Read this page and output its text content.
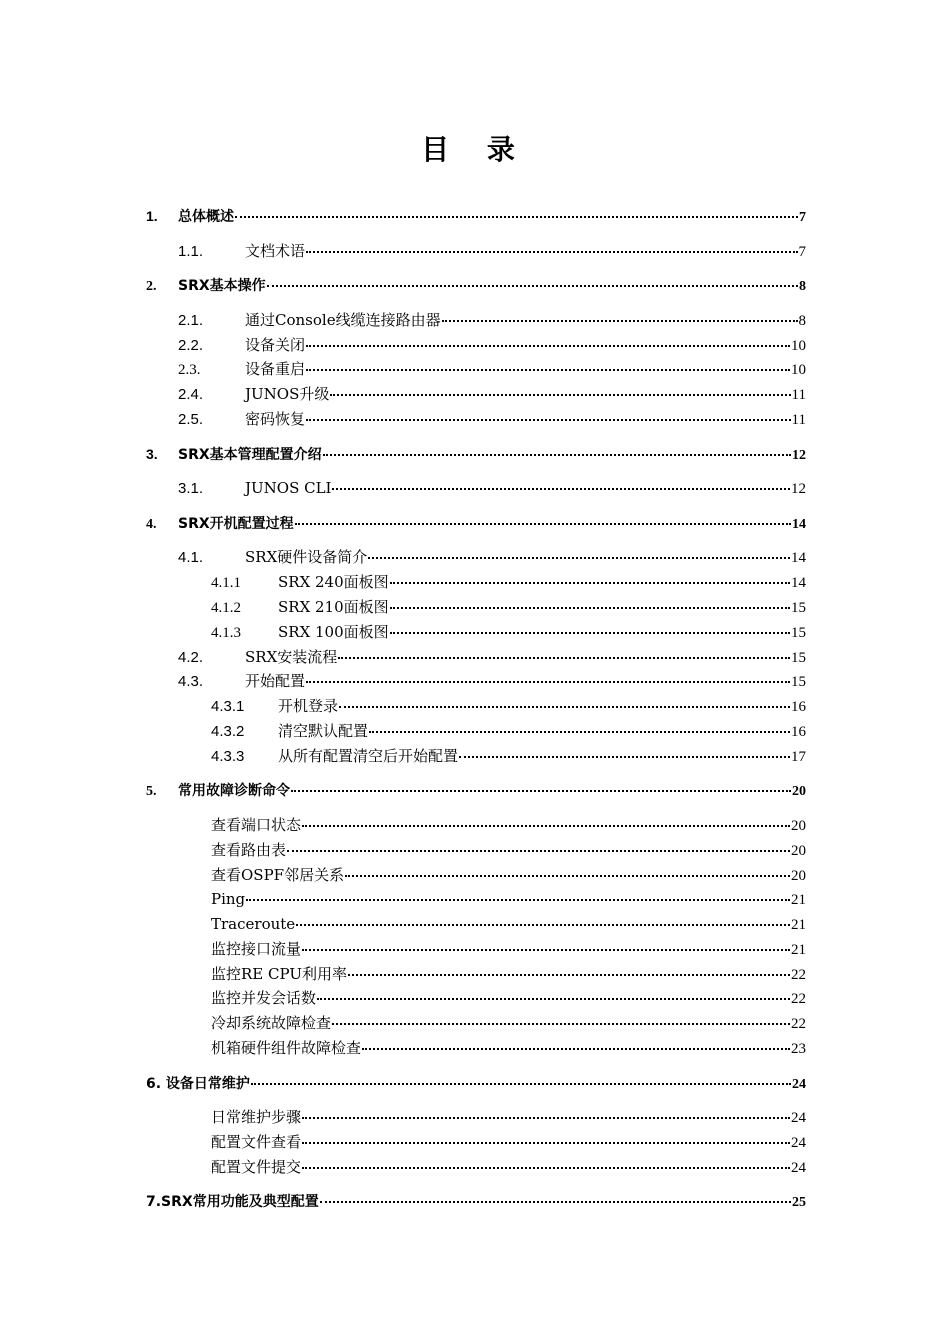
目 录
1.	总体概述	7
1.1.	文档术语	7
2.	SRX基本操作	8
2.1.	通过Console线缆连接路由器	8
2.2.	设备关闭	10
2.3.	设备重启	10
2.4.	JUNOS升级	11
2.5.	密码恢复	11
3.	SRX基本管理配置介绍	12
3.1.	JUNOS CLI	12
4.	SRX开机配置过程	14
4.1.	SRX硬件设备简介	14
4.1.1	SRX 240面板图	14
4.1.2	SRX 210面板图	15
4.1.3	SRX 100面板图	15
4.2.	SRX安装流程	15
4.3.	开始配置	15
4.3.1	开机登录	16
4.3.2	清空默认配置	16
4.3.3	从所有配置清空后开始配置	17
5.	常用故障诊断命令	20
查看端口状态	20
查看路由表	20
查看OSPF邻居关系	20
Ping	21
Traceroute	21
监控接口流量	21
监控RE CPU利用率	22
监控并发会话数	22
冷却系统故障检查	22
机箱硬件组件故障检查	23
6. 设备日常维护	24
日常维护步骤	24
配置文件查看	24
配置文件提交	24
7.SRX常用功能及典型配置	25
